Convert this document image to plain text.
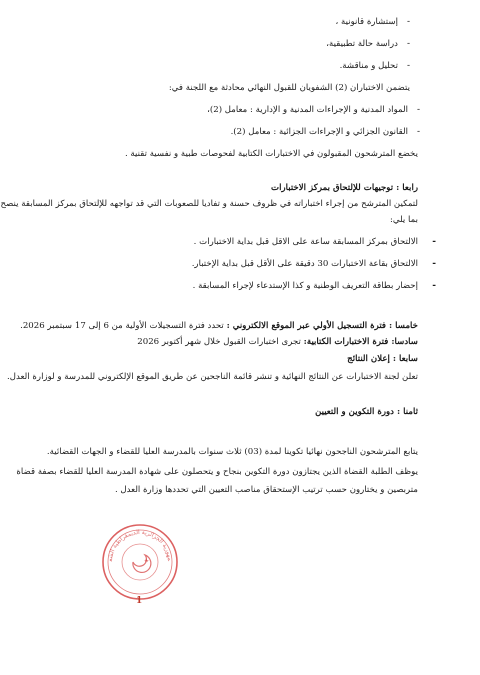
-
إستشارة قانونية ،
-
دراسة حالة تطبيقية،
-
تحليل و مناقشة.
يتضمن الاختباران (2) الشفويان للقبول النهائي محادثة مع اللجنة في:
-
المواد المدنية و الإجراءات المدنية و الإدارية : معامل (2)،
-
القانون الجزائي و الإجراءات الجزائية : معامل (2).
يخضع المترشحون المقبولون في الاختبارات الكتابية لفحوصات طبية و نفسية تقنية .
رابعا : توجيهات للإلتحاق بمركز الاختبارات
لتمكين المترشح من إجراء اختباراته في ظروف حسنة و تفاديا للصعوبات التي قد تواجهه للإلتحاق بمركز المسابقة ينصح
بما يلي:
-
الالتحاق بمركز المسابقة ساعة على الاقل قبل بداية الاختبارات .
-
الالتحاق بقاعة الاختبارات 30 دقيقة على الأقل قبل بداية الإختبار.
-
إحضار بطاقة التعريف الوطنية و كذا الإستدعاء لإجراء المسابقة .
خامسا : فترة التسجيل الأولي عبر الموقع الالكتروني : تحدد فترة التسجيلات الأولية من 6 إلى 17 سبتمبر 2026.
سادسا: فترة الاختبارات الكتابية: تجرى اختبارات القبول خلال شهر أكتوبر 2026
سابعا : إعلان النتائج
تعلن لجنة الاختبارات عن النتائج النهائية و تنشر قائمة الناجحين عن طريق الموقع الإلكتروني للمدرسة و لوزارة العدل.
ثامنا : دورة التكوين و التعيين
يتابع المترشحون الناجحون نهائيا تكوينا لمدة (03) ثلاث سنوات بالمدرسة العليا للقضاء و الجهات القضائية.
يوظف الطلبة القضاة الذين يجتازون دورة التكوين بنجاح و يتحصلون على شهادة المدرسة العليا للقضاء بصفة قضاة
متربصين و يختارون حسب ترتيب الإستحقاق مناصب التعيين التي تحددها وزارة العدل .
مهورية الجزائرية الديمقراطية الشع
1
